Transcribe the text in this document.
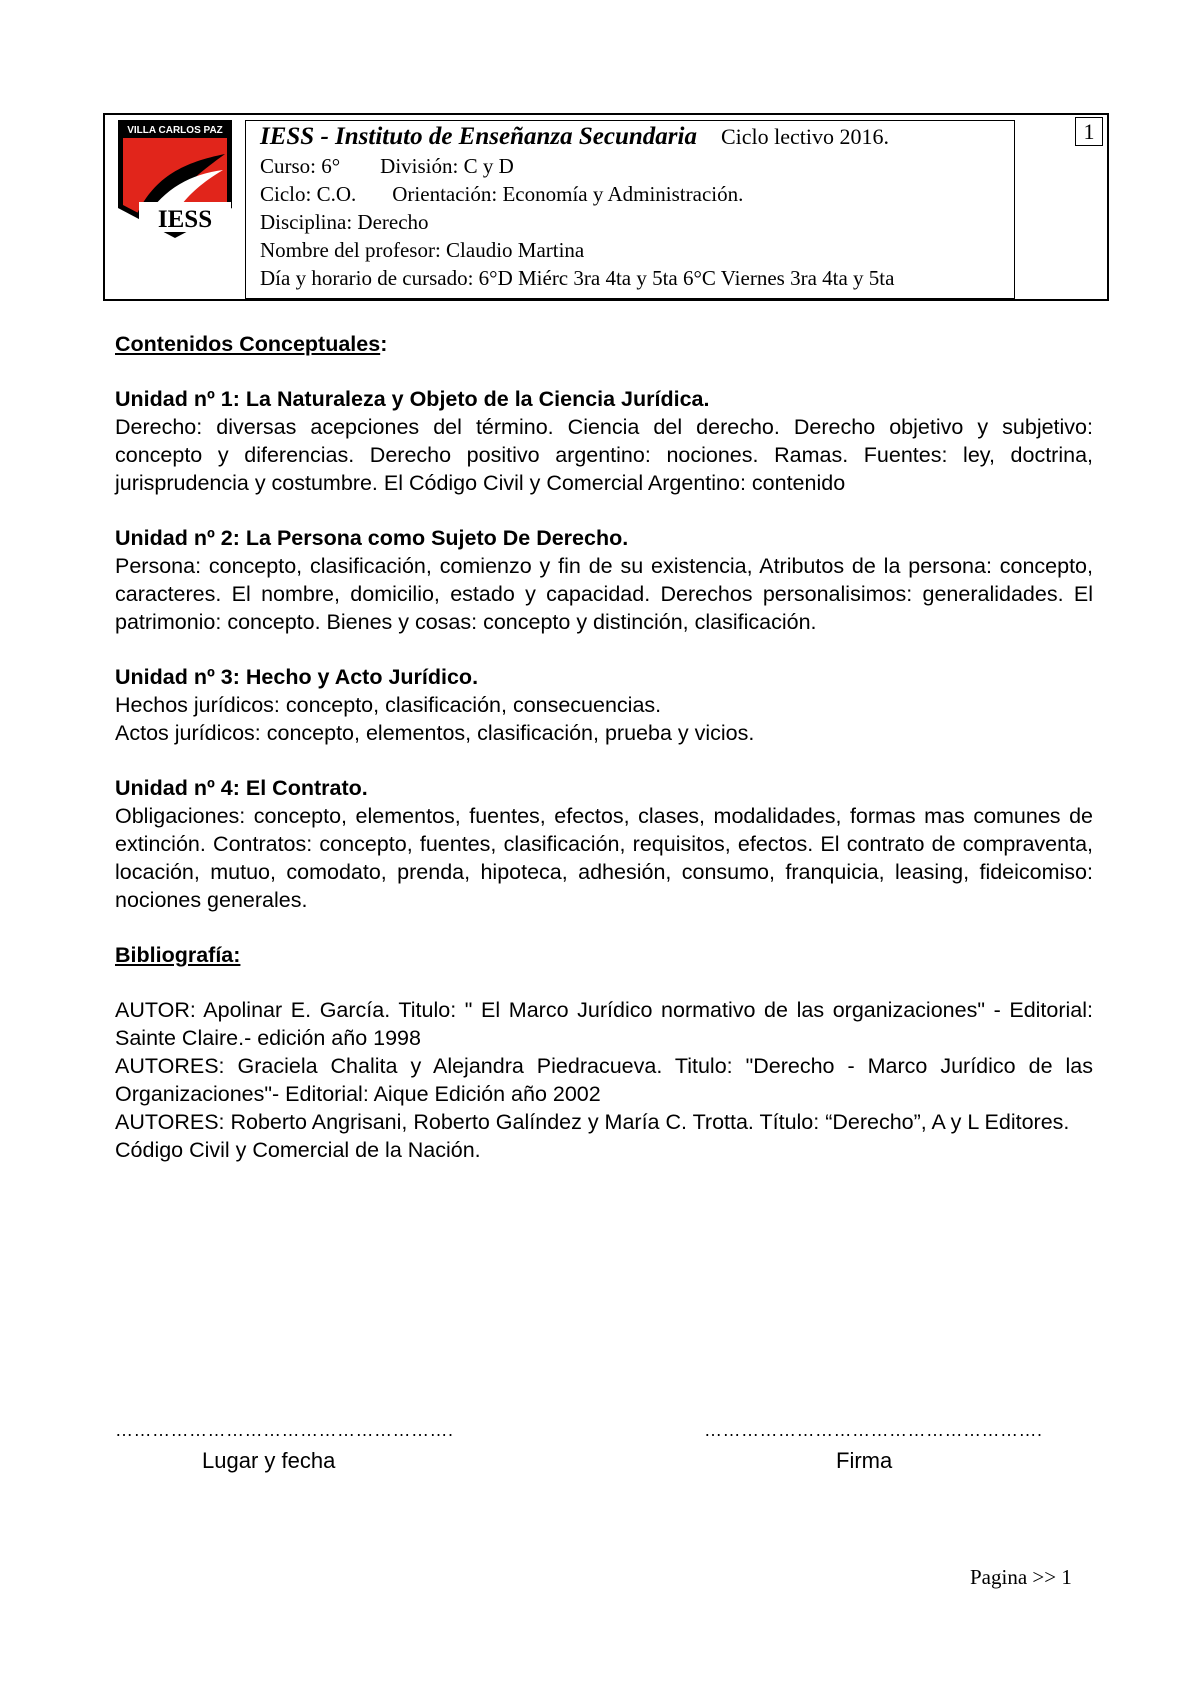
VILLA CARLOS PAZ
IESS
IESS - Instituto de Enseñanza Secundaria Ciclo lectivo 2016.
Curso: 6° División: C y D
Ciclo: C.O. Orientación: Economía y Administración.
Disciplina: Derecho
Nombre del profesor: Claudio Martina
Día y horario de cursado: 6°D Miérc 3ra 4ta y 5ta 6°C Viernes 3ra 4ta y 5ta
1

Contenidos Conceptuales

:

Unidad nº 1: La Naturaleza y Objeto de la Ciencia Jurídica.

Derecho: diversas acepciones del término. Ciencia del derecho. Derecho objetivo y subjetivo: concepto y diferencias. Derecho positivo argentino: nociones. Ramas. Fuentes: ley, doctrina, jurisprudencia y costumbre. El Código Civil y Comercial Argentino: contenido

Unidad nº 2: La Persona como Sujeto De Derecho.

Persona: concepto, clasificación, comienzo y fin de su existencia, Atributos de la persona: concepto, caracteres. El nombre, domicilio, estado y capacidad. Derechos personalisimos: generalidades. El patrimonio: concepto. Bienes y cosas: concepto y distinción, clasificación.

Unidad nº 3: Hecho y Acto Jurídico.

Hechos jurídicos: concepto, clasificación, consecuencias.

Actos jurídicos: concepto, elementos, clasificación, prueba y vicios.

Unidad nº 4: El Contrato.

Obligaciones: concepto, elementos, fuentes, efectos, clases, modalidades, formas mas comunes de extinción. Contratos: concepto, fuentes, clasificación, requisitos, efectos. El contrato de compraventa, locación, mutuo, comodato, prenda, hipoteca, adhesión, consumo, franquicia, leasing, fideicomiso: nociones generales.

Bibliografía:

AUTOR: Apolinar E. García. Titulo: " El Marco Jurídico normativo de las organizaciones" - Editorial: Sainte Claire.- edición año 1998

AUTORES: Graciela Chalita y Alejandra Piedracueva. Titulo: "Derecho - Marco Jurídico de las Organizaciones"- Editorial: Aique Edición año 2002

AUTORES: Roberto Angrisani, Roberto Galíndez y María C. Trotta. Título: “Derecho”, A y L Editores.

Código Civil y Comercial de la Nación.

……………………………………………….	……………………………………………….
Lugar y fecha	Firma
Pagina >> 1
